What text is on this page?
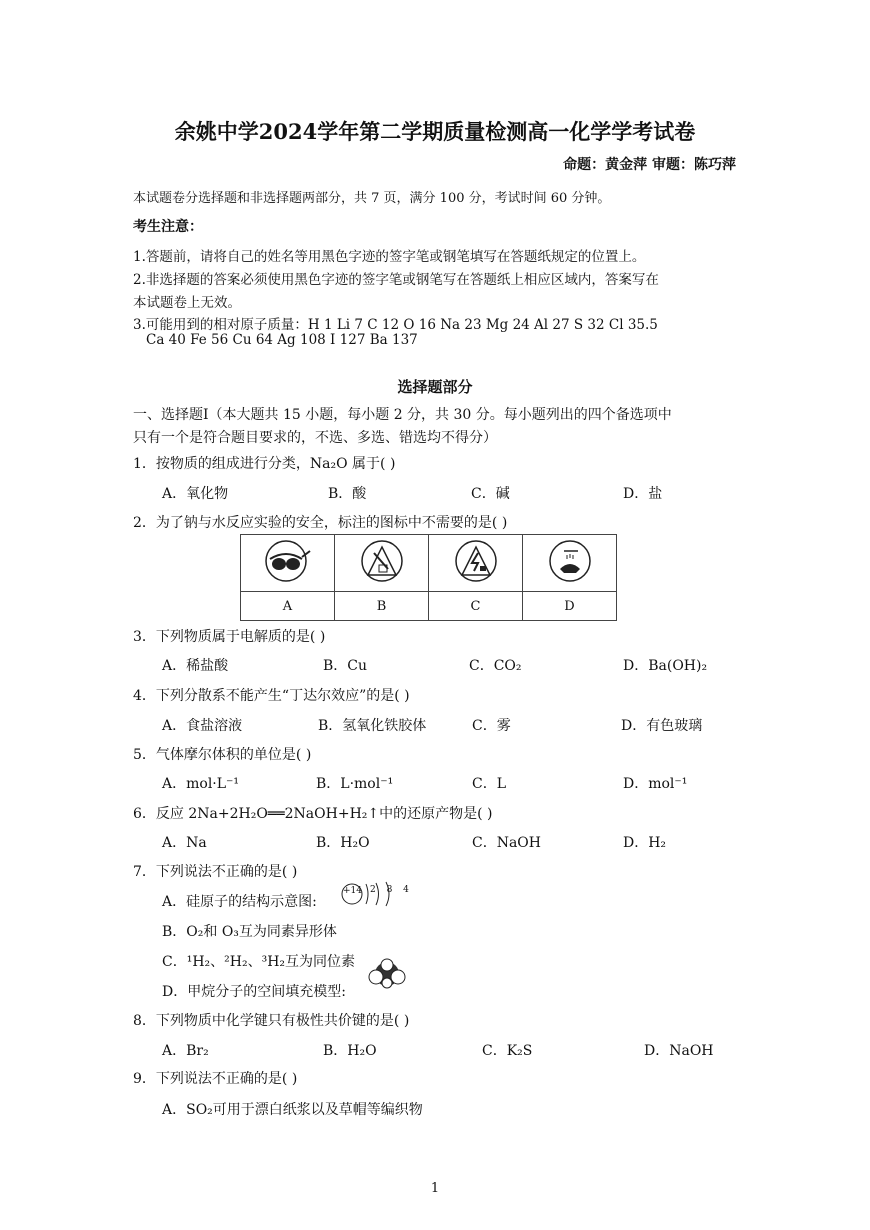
余姚中学2024学年第二学期质量检测高一化学学考试卷
命题：黄金萍 审题：陈巧萍
本试题卷分选择题和非选择题两部分，共 7 页，满分 100 分，考试时间 60 分钟。
考生注意：
1.答题前，请将自己的姓名等用黑色字迹的签字笔或钢笔填写在答题纸规定的位置上。
2.非选择题的答案必须使用黑色字迹的签字笔或钢笔写在答题纸上相应区域内，答案写在
本试题卷上无效。
3.可能用到的相对原子质量：H 1 Li 7 C 12 O 16 Na 23 Mg 24 Al 27 S 32 Cl 35.5
Ca 40 Fe 56 Cu 64 Ag 108 I 127 Ba 137
选择题部分
一、选择题Ⅰ（本大题共 15 小题，每小题 2 分，共 30 分。每小题列出的四个备选项中
只有一个是符合题目要求的，不选、多选、错选均不得分）
1．按物质的组成进行分类，Na₂O 属于( )
A．氧化物	B．酸	C．碱	D．盐
2．为了钠与水反应实验的安全，标注的图标中不需要的是( )

A	B	C	D
3．下列物质属于电解质的是( )
A．稀盐酸	B．Cu	C．CO₂	D．Ba(OH)₂
4．下列分散系不能产生“丁达尔效应”的是( )
A．食盐溶液	B．氢氧化铁胶体	C．雾	D．有色玻璃
5．气体摩尔体积的单位是( )
A．mol·L⁻¹	B．L·mol⁻¹	C．L	D．mol⁻¹
6．反应 2Na+2H₂O══2NaOH+H₂↑中的还原产物是( )
A．Na	B．H₂O	C．NaOH	D．H₂
7．下列说法不正确的是( )
A．硅原子的结构示意图:
+14 2 8 4
B．O₂和 O₃互为同素异形体
C．¹H₂、²H₂、³H₂互为同位素
D．甲烷分子的空间填充模型:
8．下列物质中化学键只有极性共价键的是( )
A．Br₂	B．H₂O	C．K₂S	D．NaOH
9．下列说法不正确的是( )
A．SO₂可用于漂白纸浆以及草帽等编织物
1
